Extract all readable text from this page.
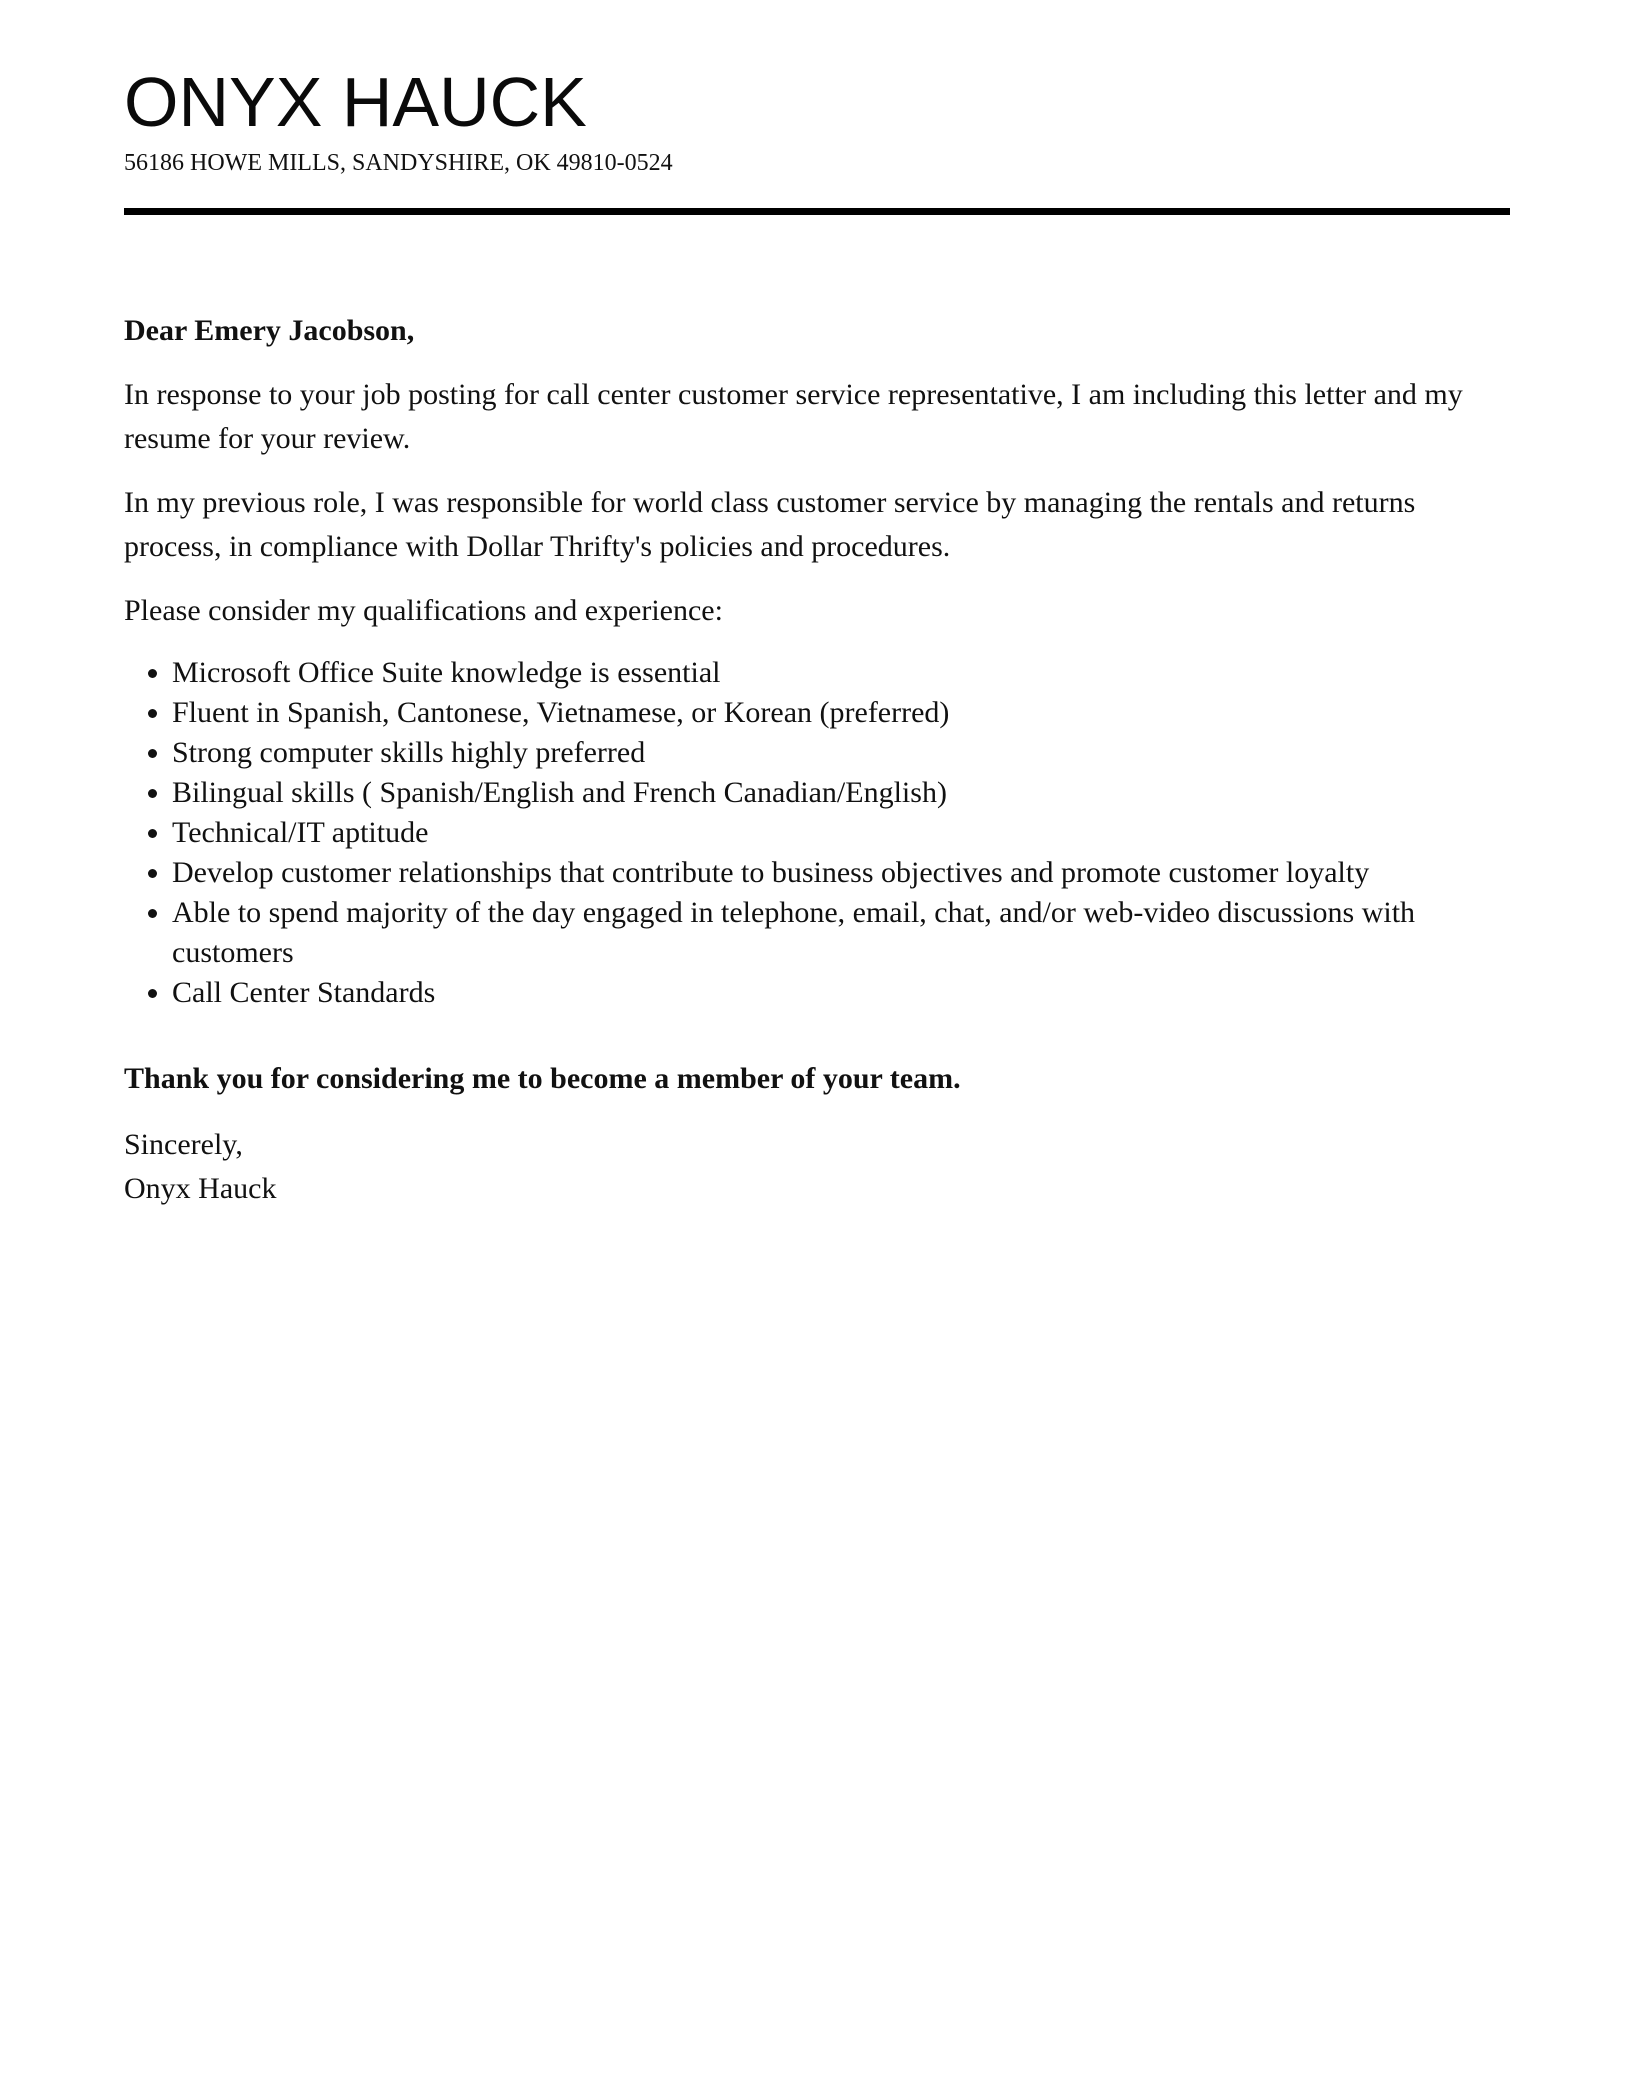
ONYX HAUCK
56186 HOWE MILLS, SANDYSHIRE, OK 49810-0524
Dear Emery Jacobson,
In response to your job posting for call center customer service representative, I am including this letter and my resume for your review.
In my previous role, I was responsible for world class customer service by managing the rentals and returns process, in compliance with Dollar Thrifty's policies and procedures.
Please consider my qualifications and experience:
• Microsoft Office Suite knowledge is essential
• Fluent in Spanish, Cantonese, Vietnamese, or Korean (preferred)
• Strong computer skills highly preferred
• Bilingual skills ( Spanish/English and French Canadian/English)
• Technical/IT aptitude
• Develop customer relationships that contribute to business objectives and promote customer loyalty
• Able to spend majority of the day engaged in telephone, email, chat, and/or web-video discussions with customers
• Call Center Standards
Thank you for considering me to become a member of your team.
Sincerely,
Onyx Hauck
